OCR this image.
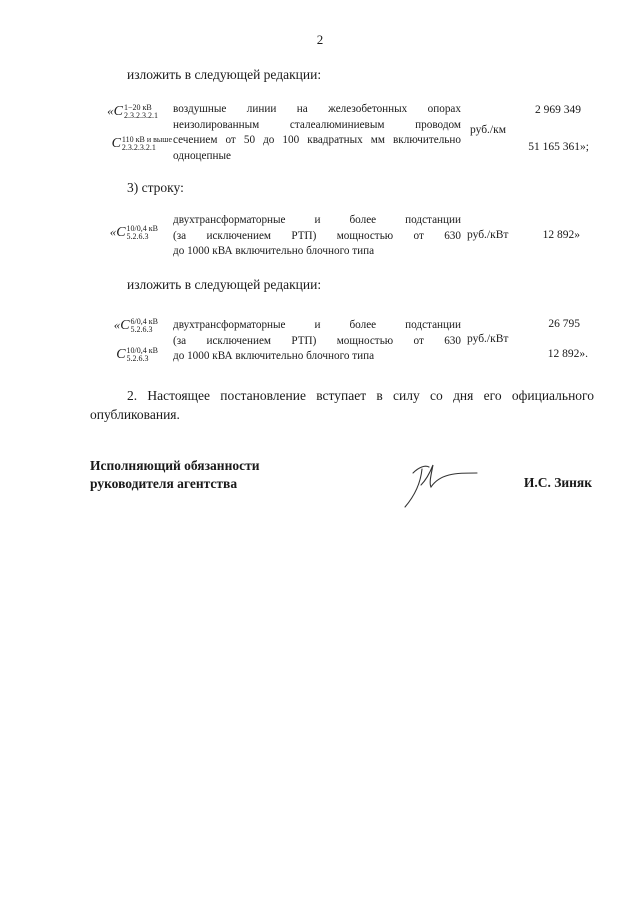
2
изложить в следующей редакции:
«C 1−20 кВ
2.3.2.3.2.1
C 110 кВ и выше
2.3.2.3.2.1
воздушные линии на железобетонных опорах
неизолированным сталеалюминиевым проводом
сечением от 50 до 100 квадратных мм включительно
одноцепные
руб./км
2 969 349
51 165 361»;
3) строку:
«C 10/0,4 кВ
5.2.6.3
двухтрансформаторные и более подстанции
(за исключением РТП) мощностью от 630
до 1000 кВА включительно блочного типа
руб./кВт	12 892»
изложить в следующей редакции:
«C 6/0,4 кВ
5.2.6.3
C 10/0,4 кВ
5.2.6.3
двухтрансформаторные и более подстанции
(за исключением РТП) мощностью от 630
до 1000 кВА включительно блочного типа
руб./кВт
26 795
12 892».
2. Настоящее постановление вступает в силу со дня его официального
опубликования.
Исполняющий обязанности
руководителя агентства	И.С. Зиняк
